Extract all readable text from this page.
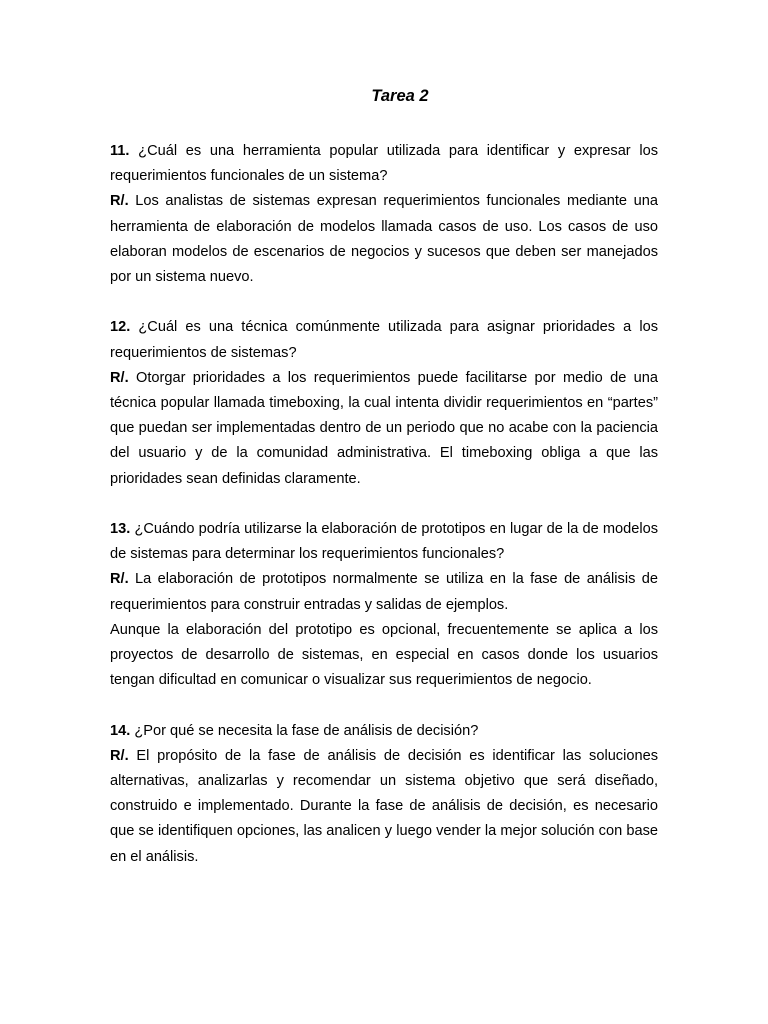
Tarea 2

11. ¿Cuál es una herramienta popular utilizada para identificar y expresar los requerimientos funcionales de un sistema?

R/. Los analistas de sistemas expresan requerimientos funcionales mediante una herramienta de elaboración de modelos llamada casos de uso. Los casos de uso elaboran modelos de escenarios de negocios y sucesos que deben ser manejados por un sistema nuevo.

12. ¿Cuál es una técnica comúnmente utilizada para asignar prioridades a los requerimientos de sistemas?

R/. Otorgar prioridades a los requerimientos puede facilitarse por medio de una técnica popular llamada timeboxing, la cual intenta dividir requerimientos en “partes” que puedan ser implementadas dentro de un periodo que no acabe con la paciencia del usuario y de la comunidad administrativa. El timeboxing obliga a que las prioridades sean definidas claramente.

13. ¿Cuándo podría utilizarse la elaboración de prototipos en lugar de la de modelos de sistemas para determinar los requerimientos funcionales?

R/. La elaboración de prototipos normalmente se utiliza en la fase de análisis de requerimientos para construir entradas y salidas de ejemplos.

Aunque la elaboración del prototipo es opcional, frecuentemente se aplica a los proyectos de desarrollo de sistemas, en especial en casos donde los usuarios tengan dificultad en comunicar o visualizar sus requerimientos de negocio.

14. ¿Por qué se necesita la fase de análisis de decisión?

R/. El propósito de la fase de análisis de decisión es identificar las soluciones alternativas, analizarlas y recomendar un sistema objetivo que será diseñado, construido e implementado. Durante la fase de análisis de decisión, es necesario que se identifiquen opciones, las analicen y luego vender la mejor solución con base en el análisis.
